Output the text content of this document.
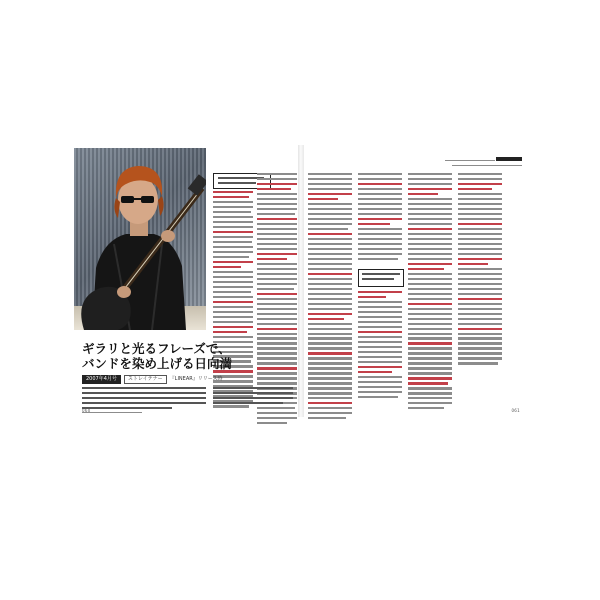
ギラリと光るフレーズで、
バンドを染め上げる日向満
2007年4月号 ストレイテナー 『LINEAR』リリース時
060
	061
